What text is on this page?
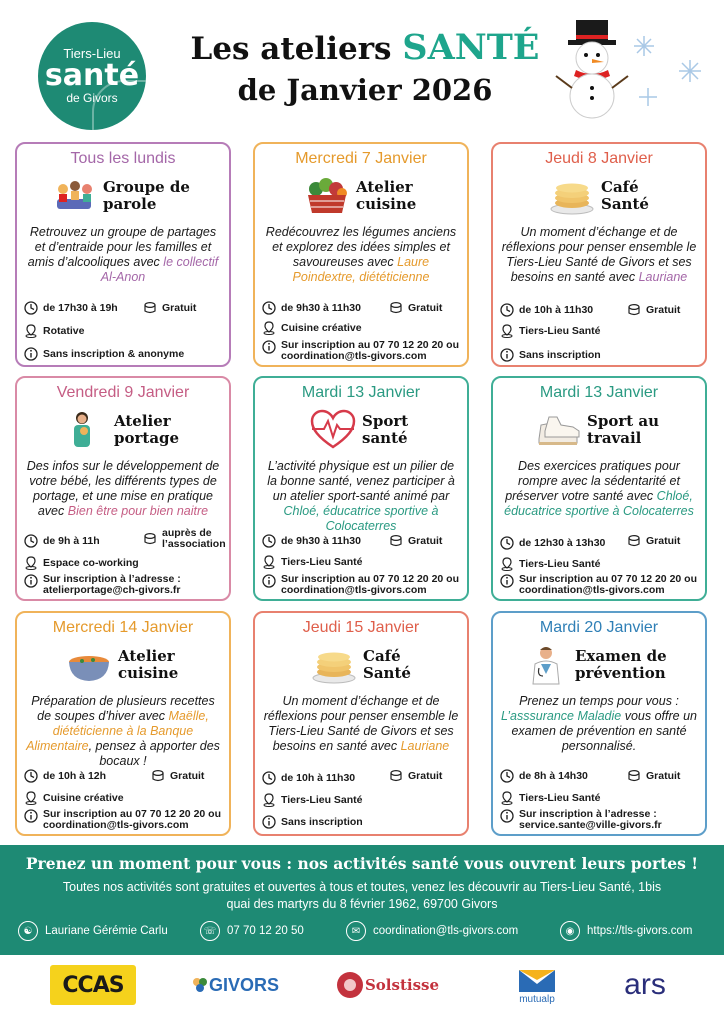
Tiers-Lieu
santé
de Givors
Les ateliers SANTÉ
de Janvier 2026
Tous les lundis
Groupe de parole
Retrouvez un groupe de partages et d’entraide pour les familles et amis d’alcooliques avec le collectif Al-Anon
de 17h30 à 19h	Gratuit
Rotative
Sans inscription & anonyme
Mercredi 7 Janvier
Atelier cuisine
Redécouvrez les légumes anciens et explorez des idées simples et savoureuses avec Laure Poindextre, diététicienne
de 9h30 à 11h30	Gratuit
Cuisine créative
Sur inscription au 07 70 12 20 20 ou coordination@tls-givors.com
Jeudi 8 Janvier
Café Santé
Un moment d’échange et de réflexions pour penser ensemble le Tiers-Lieu Santé de Givors et ses besoins en santé avec Lauriane
de 10h à 11h30	Gratuit
Tiers-Lieu Santé
Sans inscription
Vendredi 9 Janvier
Atelier portage
Des infos sur le développement de votre bébé, les différents types de portage, et une mise en pratique avec Bien être pour bien naitre
de 9h à 11h
auprès de l’association
Espace co-working
Sur inscription à l’adresse : atelierportage@ch-givors.fr
Mardi 13 Janvier
Sport santé
L’activité physique est un pilier de la bonne santé, venez participer à un atelier sport-santé animé par Chloé, éducatrice sportive à Colocaterres
de 9h30 à 11h30	Gratuit
Tiers-Lieu Santé
Sur inscription au 07 70 12 20 20 ou coordination@tls-givors.com
Mardi 13 Janvier
Sport au travail
Des exercices pratiques pour rompre avec la sédentarité et préserver votre santé avec Chloé, éducatrice sportive à Colocaterres
de 12h30 à 13h30	Gratuit
Tiers-Lieu Santé
Sur inscription au 07 70 12 20 20 ou coordination@tls-givors.com
Mercredi 14 Janvier
Atelier cuisine
Préparation de plusieurs recettes de soupes d’hiver avec Maëlle, diététicienne à la Banque Alimentaire, pensez à apporter des bocaux !
de 10h à 12h	Gratuit
Cuisine créative
Sur inscription au 07 70 12 20 20 ou coordination@tls-givors.com
Jeudi 15 Janvier
Café Santé
Un moment d’échange et de réflexions pour penser ensemble le Tiers-Lieu Santé de Givors et ses besoins en santé avec Lauriane
de 10h à 11h30	Gratuit
Tiers-Lieu Santé
Sans inscription
Mardi 20 Janvier
Examen de prévention
Prenez un temps pour vous : L’asssurance Maladie vous offre un examen de prévention en santé personnalisé.
de 8h à 14h30	Gratuit
Tiers-Lieu Santé
Sur inscription à l’adresse : service.sante@ville-givors.fr
Prenez un moment pour vous : nos activités santé vous ouvrent leurs portes !
Toutes nos activités sont gratuites et ouvertes à tous et toutes, venez les découvrir au Tiers-Lieu Santé, 1bis quai des martyrs du 8 février 1962, 69700 Givors
☯	Lauriane Gérémie Carlu	☏ 07 70 12 20 50	✉	coordination@tls-givors.com	◉	https://tls-givors.com
CCAS	GIVORS	Solstisse
mutualp	ars
